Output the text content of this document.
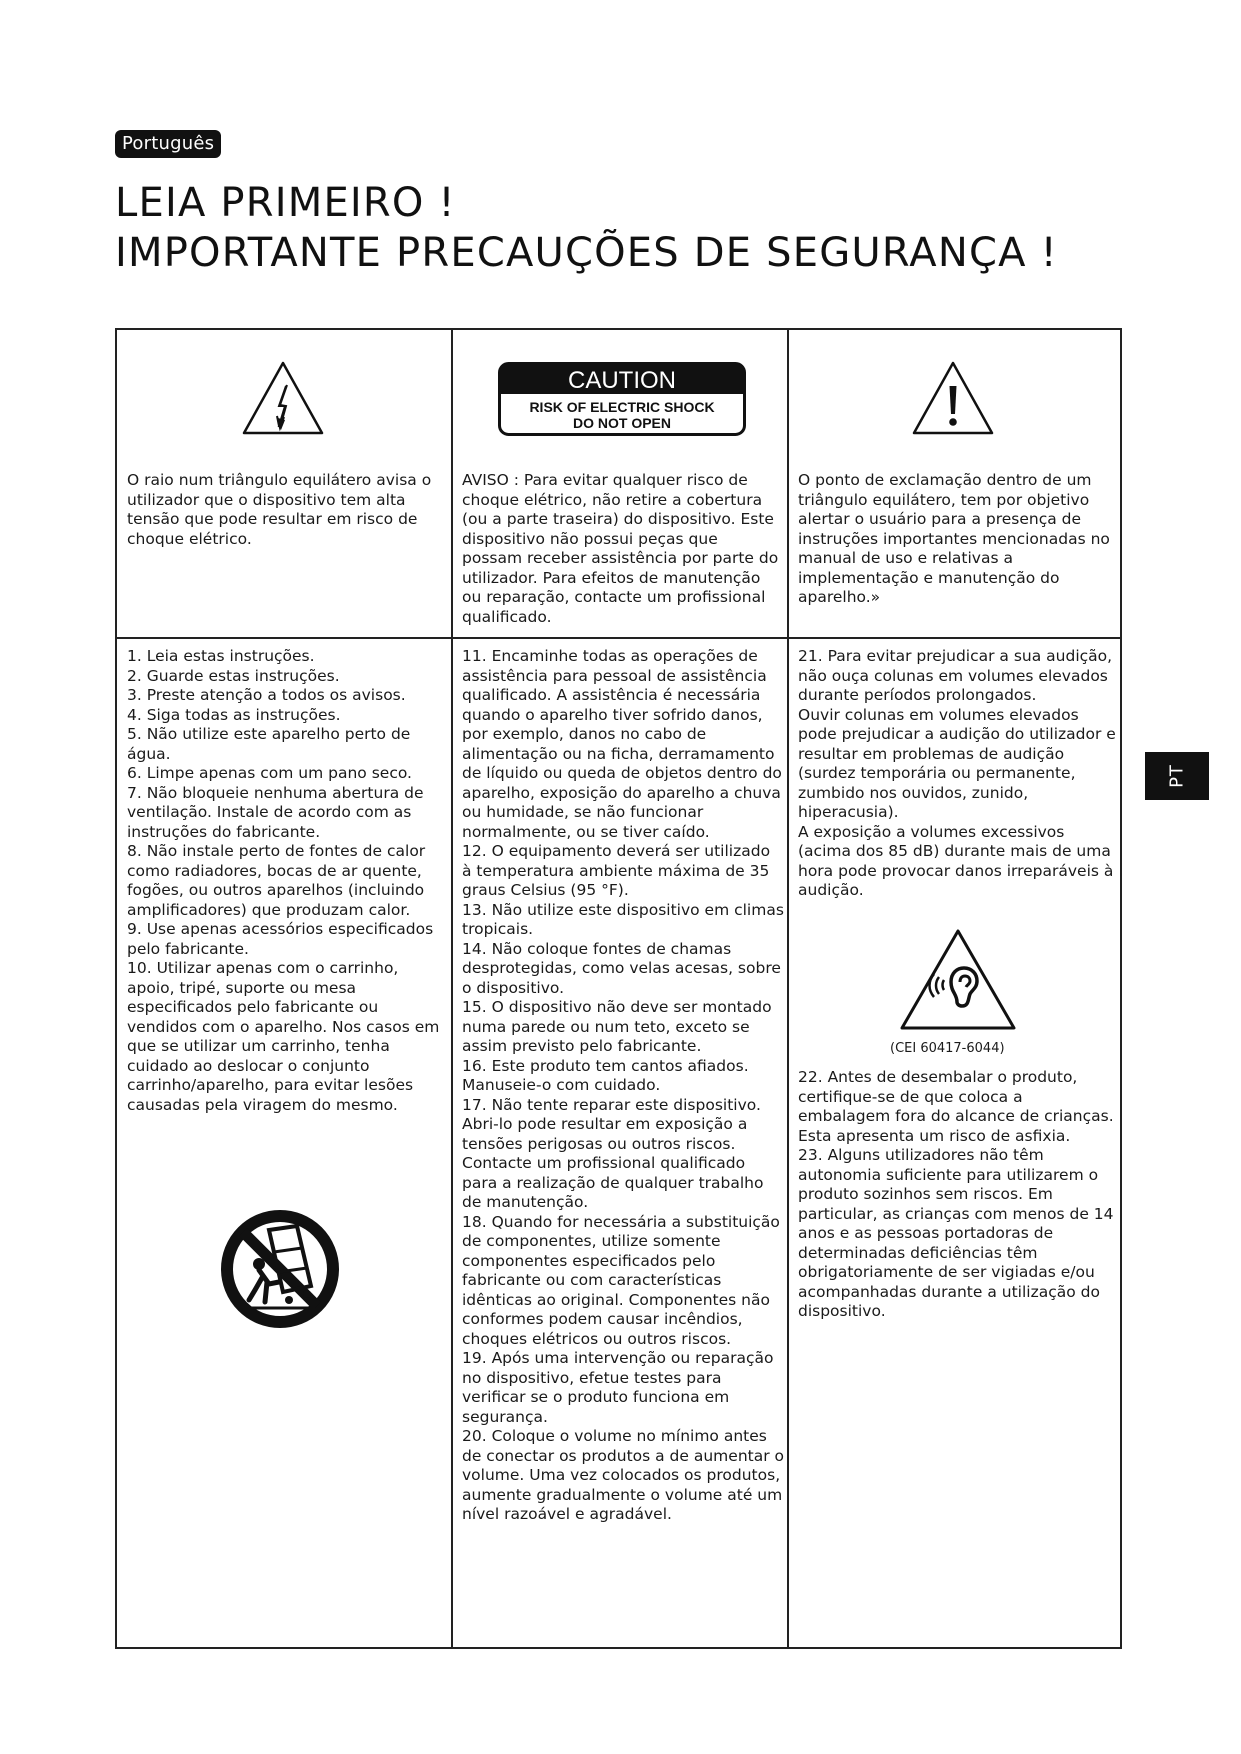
Português
LEIA PRIMEIRO !
IMPORTANTE PRECAUÇÕES DE SEGURANÇA !
PT
CAUTION
RISK OF ELECTRIC SHOCK
DO NOT OPEN
O raio num triângulo equilátero avisa o utilizador que o dispositivo tem alta tensão que pode resultar em risco de choque elétrico.
AVISO : Para evitar qualquer risco de choque elétrico, não retire a cobertura (ou a parte traseira) do dispositivo. Este dispositivo não possui peças que possam receber assistência por parte do utilizador. Para efeitos de manutenção ou reparação, contacte um profissional qualificado.
O ponto de exclamação dentro de um triângulo equilátero, tem por objetivo alertar o usuário para a presença de instruções importantes mencionadas no manual de uso e relativas a implementação e manutenção do aparelho.»

1. Leia estas instruções.

2. Guarde estas instruções.

3. Preste atenção a todos os avisos.

4. Siga todas as instruções.

5. Não utilize este aparelho perto de água.

6. Limpe apenas com um pano seco.

7. Não bloqueie nenhuma abertura de ventilação. Instale de acordo com as instruções do fabricante.

8. Não instale perto de fontes de calor como radiadores, bocas de ar quente, fogões, ou outros aparelhos (incluindo amplificadores) que produzam calor.

9. Use apenas acessórios especificados pelo fabricante.

10. Utilizar apenas com o carrinho, apoio, tripé, suporte ou mesa especificados pelo fabricante ou vendidos com o aparelho. Nos casos em que se utilizar um carrinho, tenha cuidado ao deslocar o conjunto carrinho/aparelho, para evitar lesões causadas pela viragem do mesmo.

11. Encaminhe todas as operações de assistência para pessoal de assistência qualificado. A assistência é necessária quando o aparelho tiver sofrido danos, por exemplo, danos no cabo de alimentação ou na ficha, derramamento de líquido ou queda de objetos dentro do aparelho, exposição do aparelho a chuva ou humidade, se não funcionar normalmente, ou se tiver caído.

12. O equipamento deverá ser utilizado à temperatura ambiente máxima de 35 graus Celsius (95 °F).

13. Não utilize este dispositivo em climas tropicais.

14. Não coloque fontes de chamas desprotegidas, como velas acesas, sobre o dispositivo.

15. O dispositivo não deve ser montado numa parede ou num teto, exceto se assim previsto pelo fabricante.

16. Este produto tem cantos afiados. Manuseie-o com cuidado.

17. Não tente reparar este dispositivo. Abri-lo pode resultar em exposição a tensões perigosas ou outros riscos. Contacte um profissional qualificado para a realização de qualquer trabalho de manutenção.

18. Quando for necessária a substituição de componentes, utilize somente componentes especificados pelo fabricante ou com características idênticas ao original. Componentes não conformes podem causar incêndios, choques elétricos ou outros riscos.

19. Após uma intervenção ou reparação no dispositivo, efetue testes para verificar se o produto funciona em segurança.

20. Coloque o volume no mínimo antes de conectar os produtos a de aumentar o volume. Uma vez colocados os produtos, aumente gradualmente o volume até um nível razoável e agradável.

21. Para evitar prejudicar a sua audição, não ouça colunas em volumes elevados durante períodos prolongados.

Ouvir colunas em volumes elevados pode prejudicar a audição do utilizador e resultar em problemas de audição (surdez temporária ou permanente, zumbido nos ouvidos, zunido, hiperacusia).

A exposição a volumes excessivos (acima dos 85 dB) durante mais de uma hora pode provocar danos irreparáveis à audição.

(CEI 60417-6044)

22. Antes de desembalar o produto, certifique-se de que coloca a embalagem fora do alcance de crianças. Esta apresenta um risco de asfixia.

23. Alguns utilizadores não têm autonomia suficiente para utilizarem o produto sozinhos sem riscos. Em particular, as crianças com menos de 14 anos e as pessoas portadoras de determinadas deficiências têm obrigatoriamente de ser vigiadas e/ou acompanhadas durante a utilização do dispositivo.
